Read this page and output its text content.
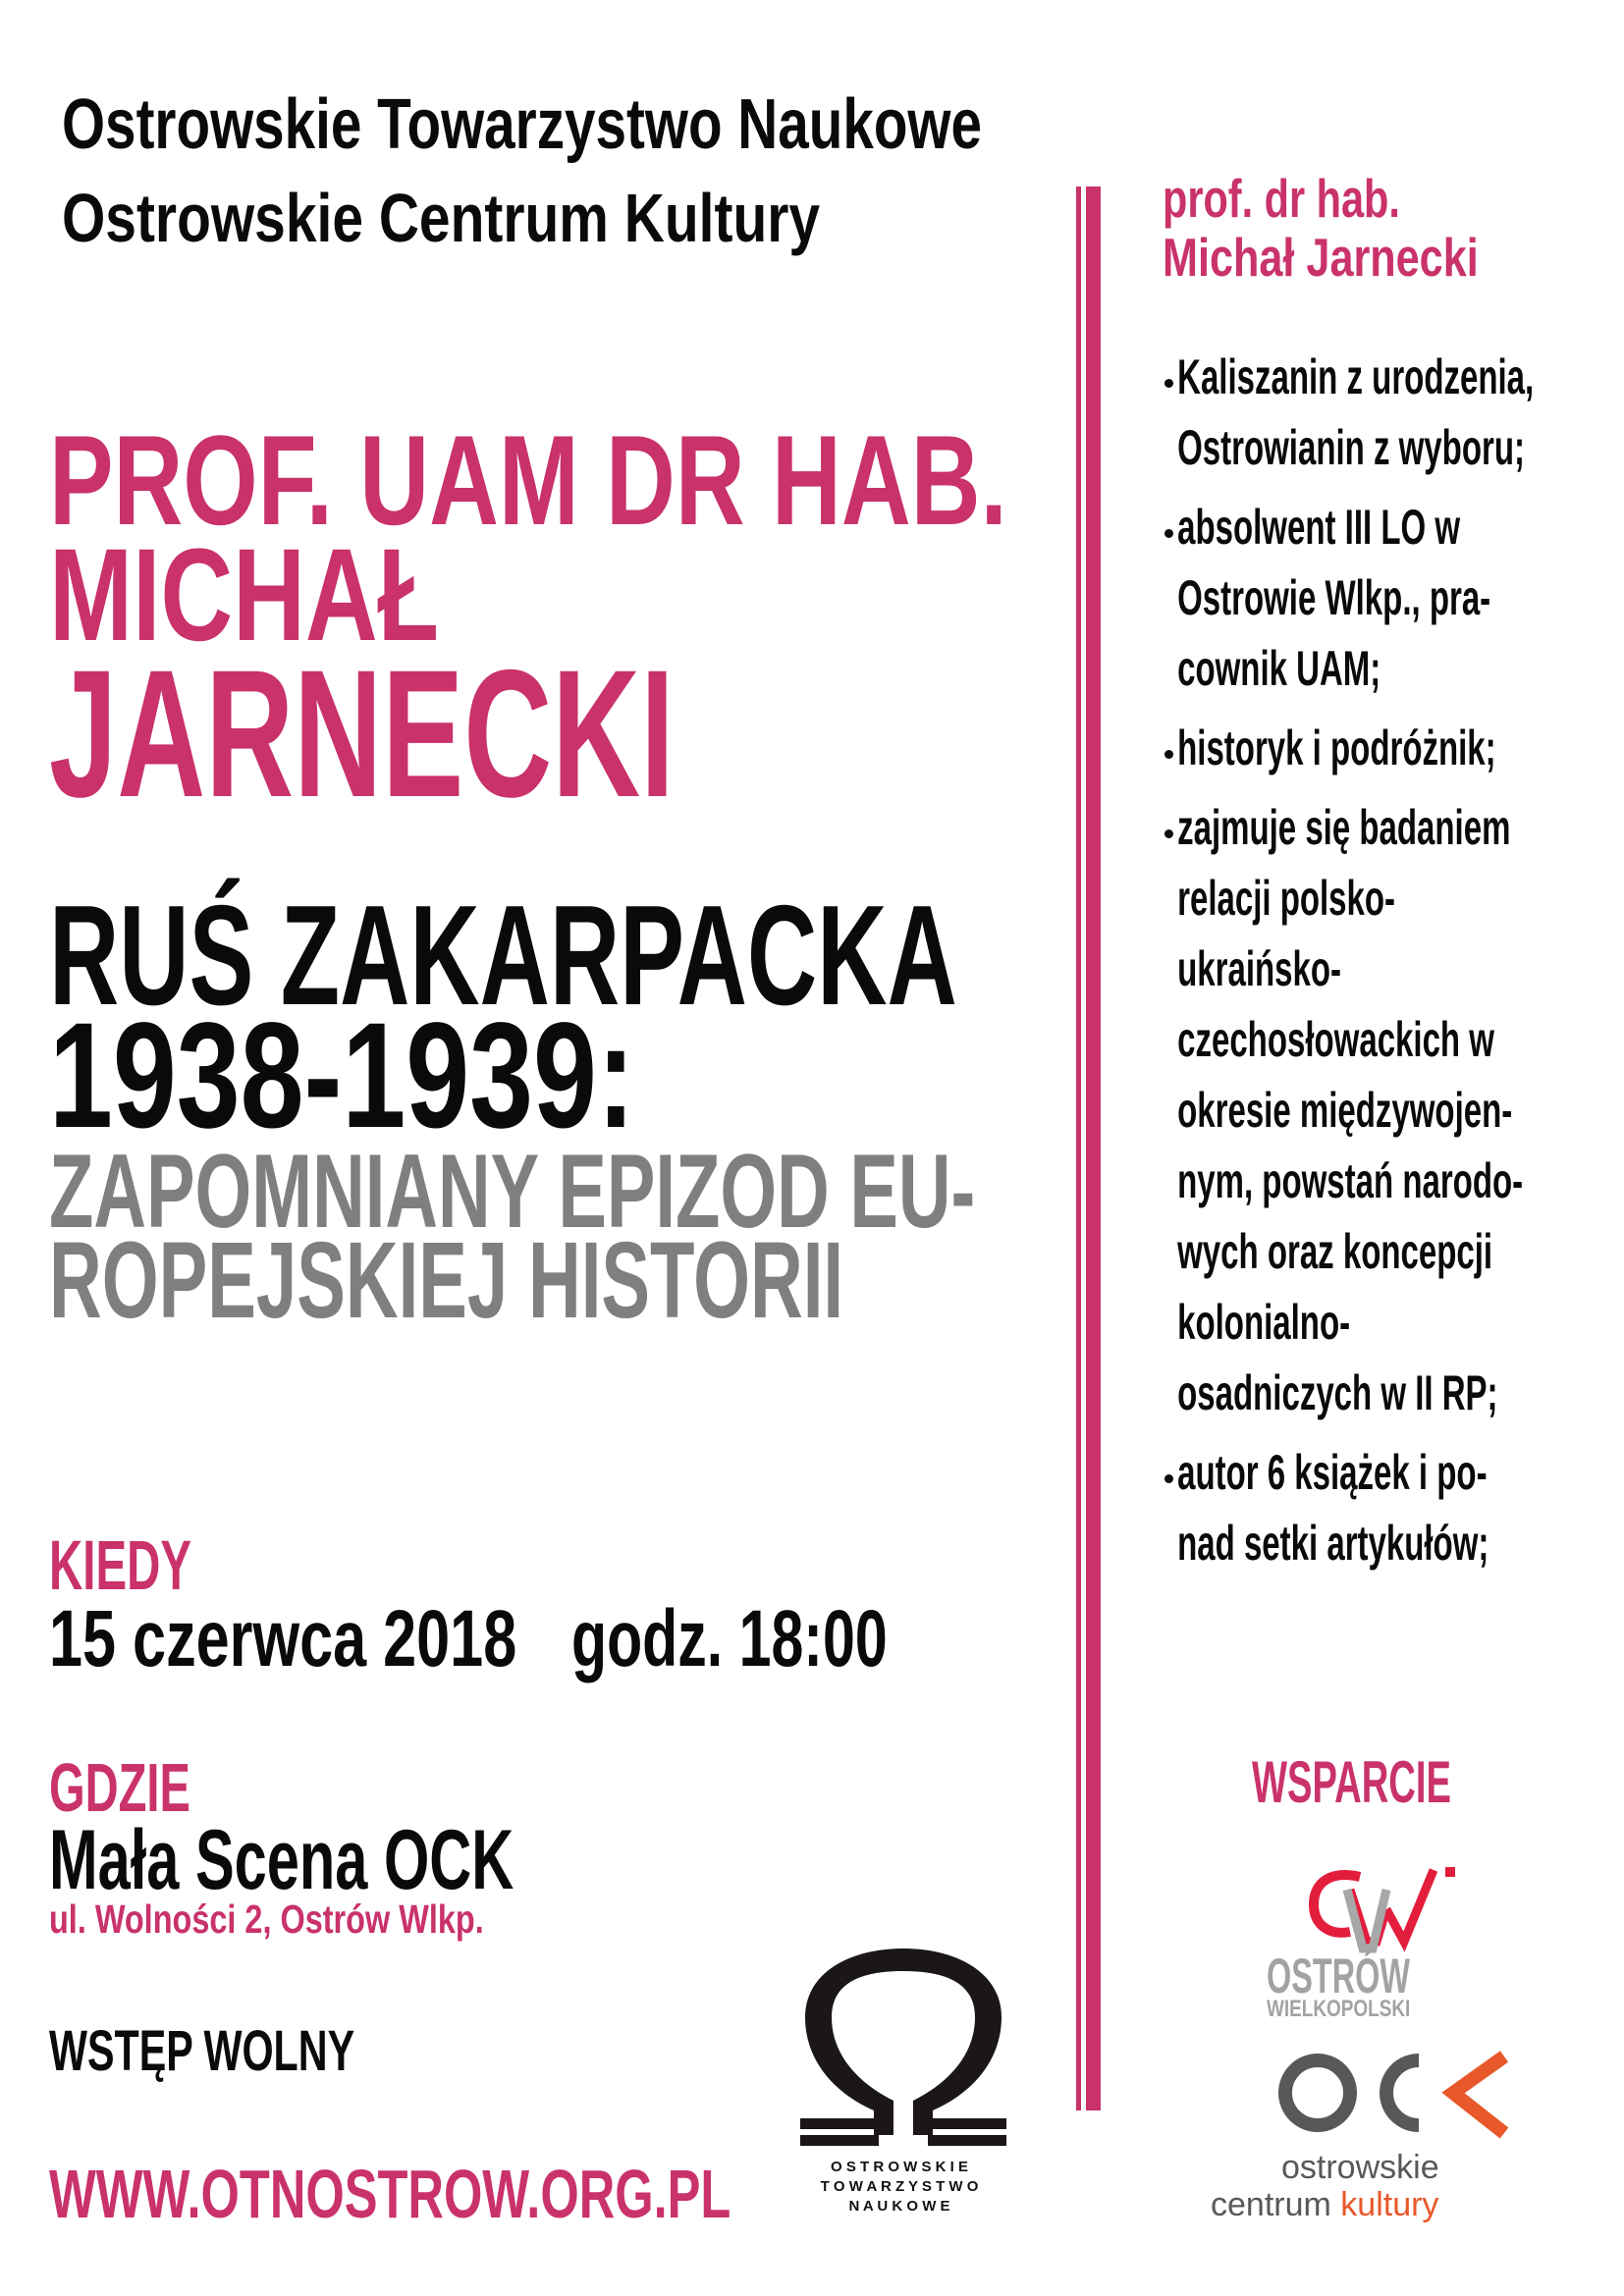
Ostrowskie Towarzystwo Naukowe
Ostrowskie Centrum Kultury
PROF. UAM DR HAB.
MICHAŁ
JARNECKI
RUŚ ZAKARPACKA
1938-1939:
ZAPOMNIANY EPIZOD EU-
ROPEJSKIEJ HISTORII
KIEDY
15 czerwca 2018 godz. 18:00
GDZIE
Mała Scena OCK
ul. Wolności 2, Ostrów Wlkp.
WSTĘP WOLNY
WWW.OTNOSTROW.ORG.PL	O S T R O W S K I E
T O W A R Z Y S T W O
N A U K O W E
prof. dr hab.
Michał Jarnecki
Kaliszanin z urodzenia,
Ostrowianin z wyboru;
absolwent III LO w
Ostrowie Wlkp., pra-
cownik UAM;
historyk i podróżnik;
zajmuje się badaniem
relacji polsko-
ukraińsko-
czechosłowackich w
okresie międzywojen-
nym, powstań narodo-
wych oraz koncepcji
kolonialno-
osadniczych w II RP;
autor 6 książek i po-
nad setki artykułów;
WSPARCIE
OSTRÓW
WIELKOPOLSKI
ostrowskie
centrum kultury
